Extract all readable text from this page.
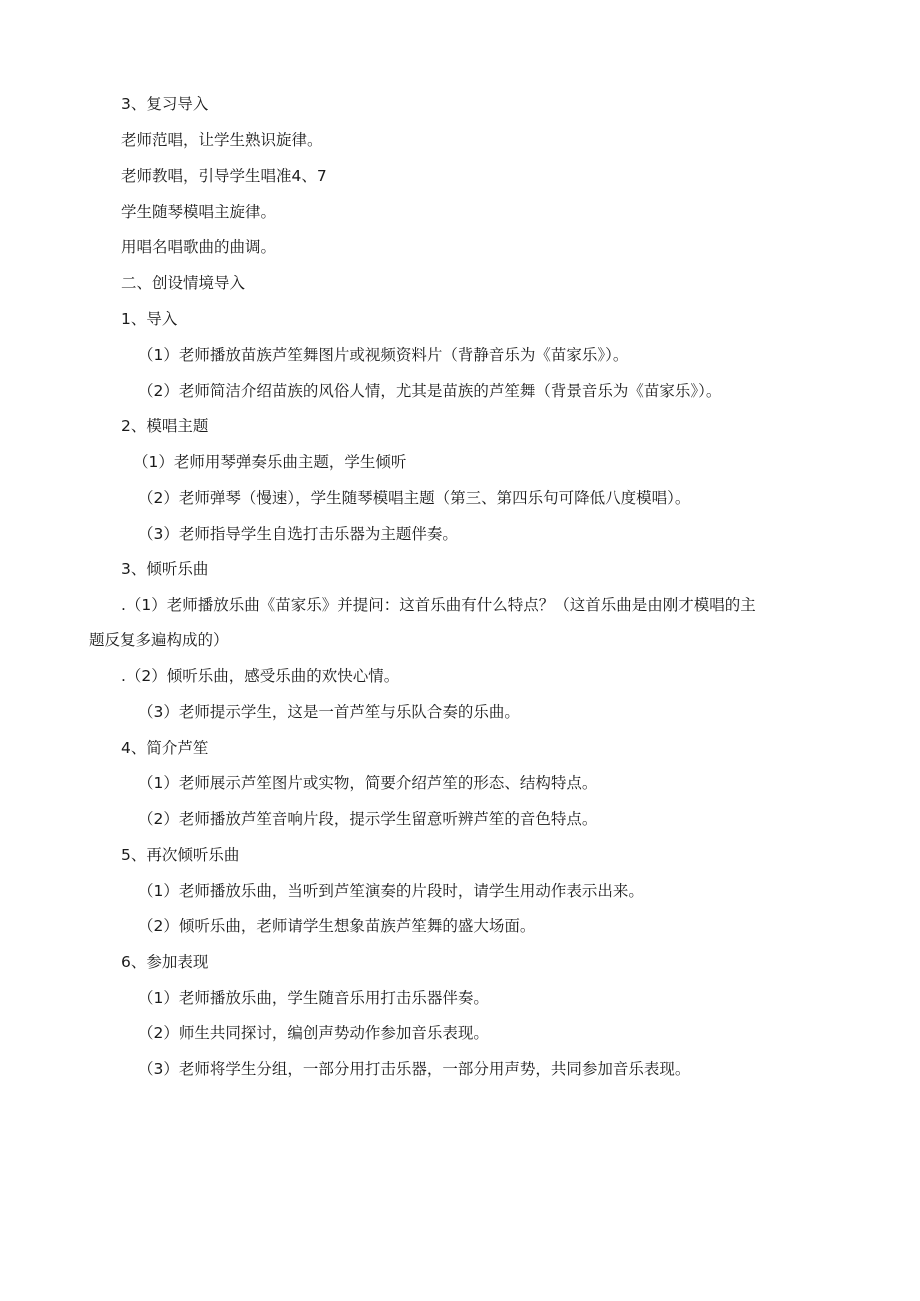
3、复习导入
老师范唱，让学生熟识旋律。
老师教唱，引导学生唱准4、7
学生随琴模唱主旋律。
用唱名唱歌曲的曲调。
二、创设情境导入
1、导入
（1）老师播放苗族芦笙舞图片或视频资料片（背静音乐为《苗家乐》）。
（2）老师简洁介绍苗族的风俗人情，尤其是苗族的芦笙舞（背景音乐为《苗家乐》）。
2、模唱主题
（1）老师用琴弹奏乐曲主题，学生倾听
（2）老师弹琴（慢速），学生随琴模唱主题（第三、第四乐句可降低八度模唱）。
（3）老师指导学生自选打击乐器为主题伴奏。
3、倾听乐曲
.（1）老师播放乐曲《苗家乐》并提问：这首乐曲有什么特点？（这首乐曲是由刚才模唱的主
题反复多遍构成的）
.（2）倾听乐曲，感受乐曲的欢快心情。
（3）老师提示学生，这是一首芦笙与乐队合奏的乐曲。
4、简介芦笙
（1）老师展示芦笙图片或实物，简要介绍芦笙的形态、结构特点。
（2）老师播放芦笙音响片段，提示学生留意听辨芦笙的音色特点。
5、再次倾听乐曲
（1）老师播放乐曲，当听到芦笙演奏的片段时，请学生用动作表示出来。
（2）倾听乐曲，老师请学生想象苗族芦笙舞的盛大场面。
6、参加表现
（1）老师播放乐曲，学生随音乐用打击乐器伴奏。
（2）师生共同探讨，编创声势动作参加音乐表现。
（3）老师将学生分组，一部分用打击乐器，一部分用声势，共同参加音乐表现。
